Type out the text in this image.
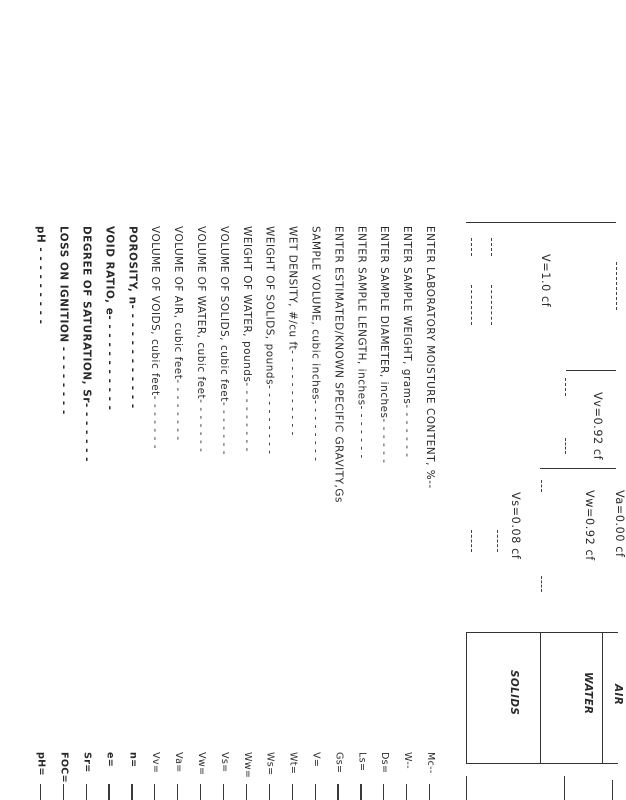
ENTER LABORATORY MOISTURE CONTENT, %--
ENTER SAMPLE WEIGHT, grams- - - - - - -
ENTER SAMPLE DIAMETER, inches- - - - - -
ENTER SAMPLE LENGTH, inches- - - - - - -
ENTER ESTIMATED/KNOWN SPECIFIC GRAVITY,Gs
SAMPLE VOLUME, cubic inches- - - - - - - -
WET DENSITY, #/cu ft- - - - - - - - - - -
WEIGHT OF SOLIDS, pounds- - - - - - - - -
WEIGHT OF WATER, pounds- - - - - - - - -
VOLUME OF SOLIDS, cubic feet- - - - - - -
VOLUME OF WATER, cubic feet- - - - - - -
VOLUME OF AIR, cubic feet- - - - - - - -
VOLUME OF VOIDS, cubic feet- - - - - - -
POROSITY, n- - - - - - - - - - - -
VOID RATIO, e- - - - - - - - - - -
DEGREE OF SATURATION, Sr- - - - - - -
LOSS ON IGNITION - - - - - - - -
pH - - - - - - - - -
Mc--
W--
Ds=
Ls=
Gs=
V=
Wt=
Ws=
Ww=
Vs=
Vw=
Va=
Vv=
n=
e=
Sr=
FOC=
pH=
V=1.0 cf
Vv=0.92 cf
Va=0.00 cf
Vw=0.92 cf
Vs=0.08 cf
AIR
WATER
SOLIDS
